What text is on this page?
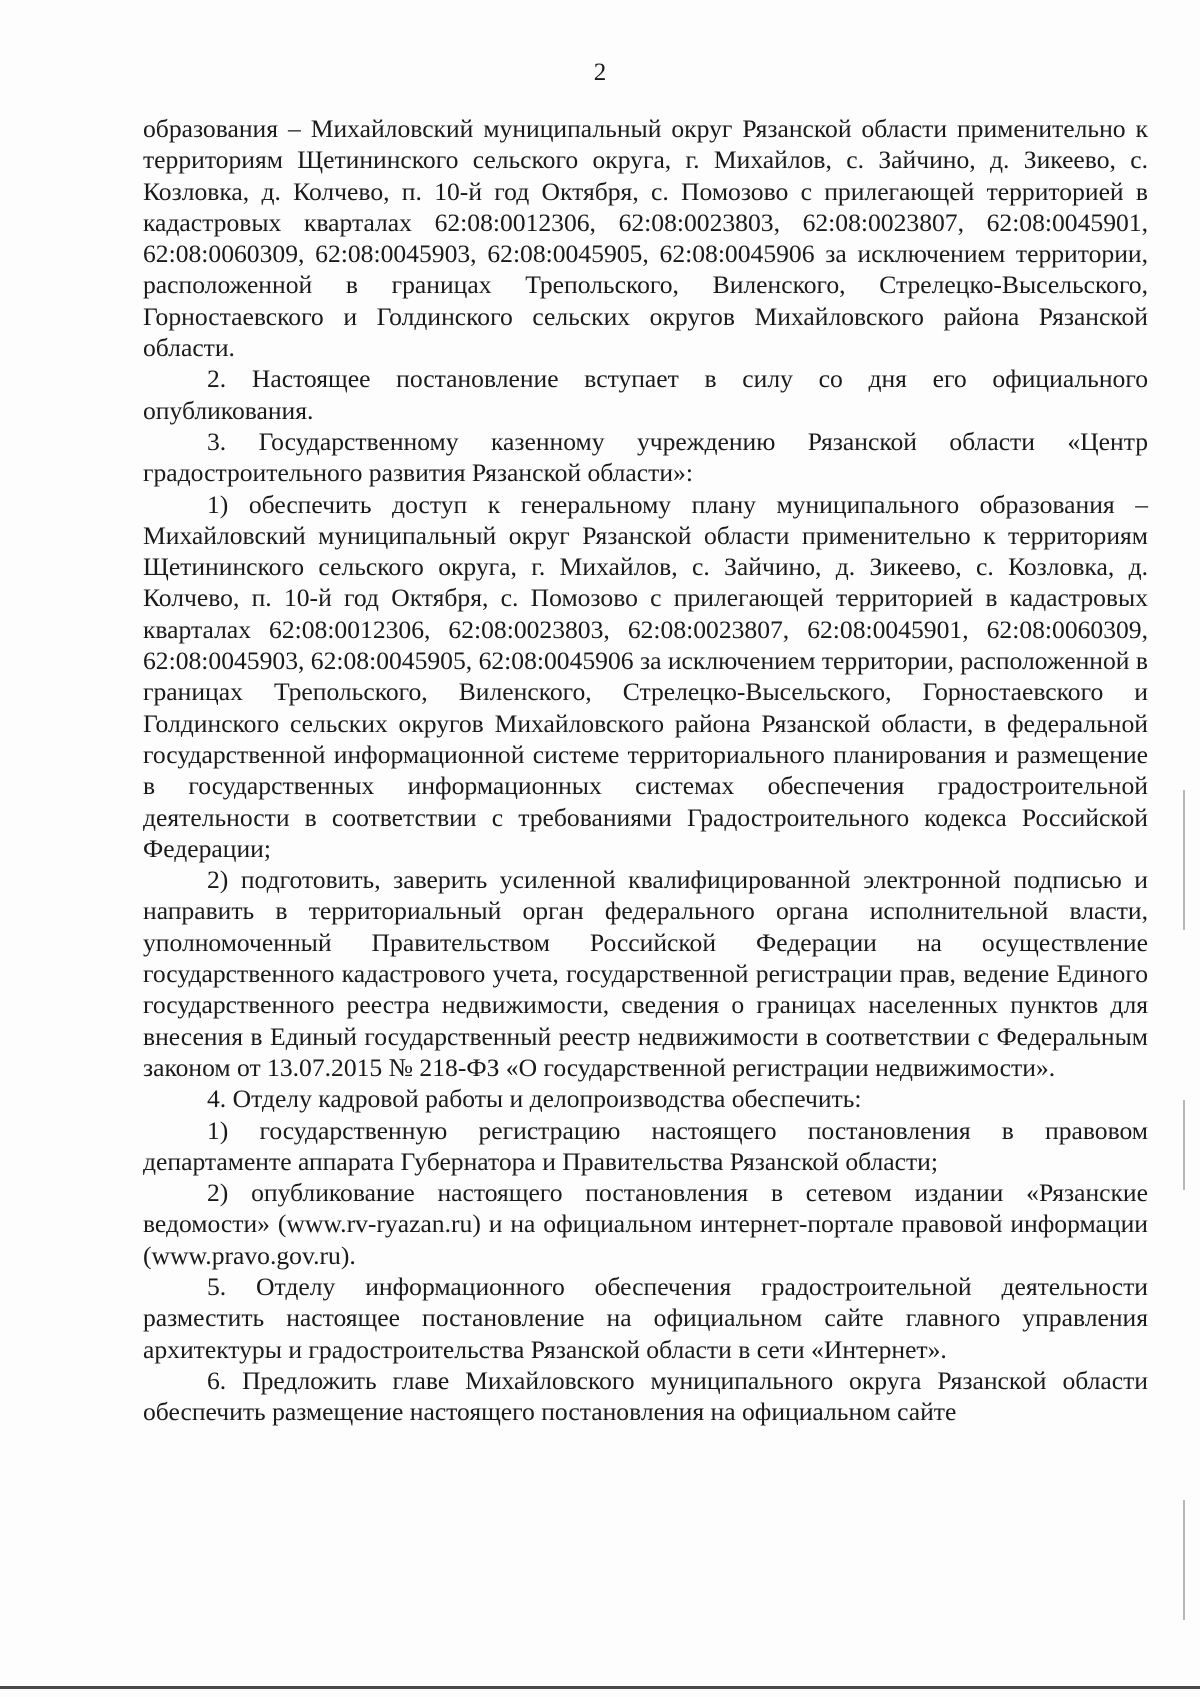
2

образования – Михайловский муниципальный округ Рязанской области применительно к территориям Щетининского сельского округа, г. Михайлов, с. Зайчино, д. Зикеево, с. Козловка, д. Колчево, п. 10-й год Октября, с. Помозово с прилегающей территорией в кадастровых кварталах 62:08:0012306, 62:08:0023803, 62:08:0023807, 62:08:0045901, 62:08:0060309, 62:08:0045903, 62:08:0045905, 62:08:0045906 за исключением территории, расположенной в границах Трепольского, Виленского, Стрелецко-Высельского, Горностаевского и Голдинского сельских округов Михайловского района Рязанской области.

2. Настоящее постановление вступает в силу со дня его официального опубликования.

3. Государственному казенному учреждению Рязанской области «Центр градостроительного развития Рязанской области»:

1) обеспечить доступ к генеральному плану муниципального образования – Михайловский муниципальный округ Рязанской области применительно к территориям Щетининского сельского округа, г. Михайлов, с. Зайчино, д. Зикеево, с. Козловка, д. Колчево, п. 10-й год Октября, с. Помозово с прилегающей территорией в кадастровых кварталах 62:08:0012306, 62:08:0023803, 62:08:0023807, 62:08:0045901, 62:08:0060309, 62:08:0045903, 62:08:0045905, 62:08:0045906 за исключением территории, расположенной в границах Трепольского, Виленского, Стрелецко-Высельского, Горностаевского и Голдинского сельских округов Михайловского района Рязанской области, в федеральной государственной информационной системе территориального планирования и размещение в государственных информационных системах обеспечения градостроительной деятельности в соответствии с требованиями Градостроительного кодекса Российской Федерации;

2) подготовить, заверить усиленной квалифицированной электронной подписью и направить в территориальный орган федерального органа исполнительной власти, уполномоченный Правительством Российской Федерации на осуществление государственного кадастрового учета, государственной регистрации прав, ведение Единого государственного реестра недвижимости, сведения о границах населенных пунктов для внесения в Единый государственный реестр недвижимости в соответствии с Федеральным законом от 13.07.2015 № 218-ФЗ «О государственной регистрации недвижимости».

4. Отделу кадровой работы и делопроизводства обеспечить:

1) государственную регистрацию настоящего постановления в правовом департаменте аппарата Губернатора и Правительства Рязанской области;

2) опубликование настоящего постановления в сетевом издании «Рязанские ведомости» (www.rv-ryazan.ru) и на официальном интернет-портале правовой информации (www.pravo.gov.ru).

5. Отделу информационного обеспечения градостроительной деятельности разместить настоящее постановление на официальном сайте главного управления архитектуры и градостроительства Рязанской области в сети «Интернет».

6. Предложить главе Михайловского муниципального округа Рязанской области обеспечить размещение настоящего постановления на официальном сайте
